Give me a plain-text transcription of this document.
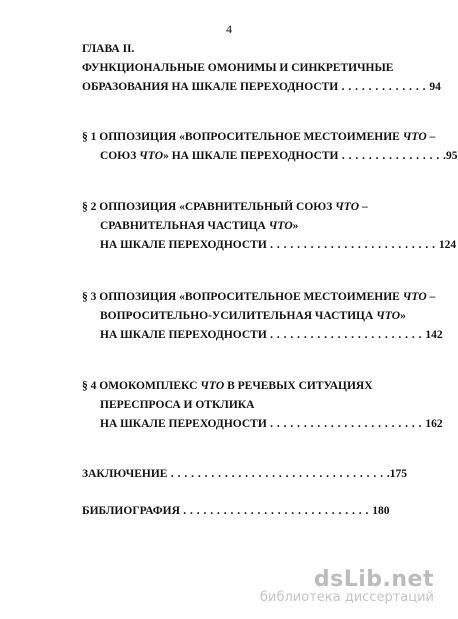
4
ГЛАВА II.
ФУНКЦИОНАЛЬНЫЕ ОМОНИМЫ И СИНКРЕТИЧНЫЕ
ОБРАЗОВАНИЯ НА ШКАЛЕ ПЕРЕХОДНОСТИ . . . . . . . . . . . . . 94
§ 1 ОППОЗИЦИЯ «ВОПРОСИТЕЛЬНОЕ МЕСТОИМЕНИЕ ЧТО –
СОЮЗ ЧТО» НА ШКАЛЕ ПЕРЕХОДНОСТИ . . . . . . . . . . . . . . . .95
§ 2 ОППОЗИЦИЯ «СРАВНИТЕЛЬНЫЙ СОЮЗ ЧТО –
СРАВНИТЕЛЬНАЯ ЧАСТИЦА ЧТО»
НА ШКАЛЕ ПЕРЕХОДНОСТИ . . . . . . . . . . . . . . . . . . . . . . . . . 124
§ 3 ОППОЗИЦИЯ «ВОПРОСИТЕЛЬНОЕ МЕСТОИМЕНИЕ ЧТО –
ВОПРОСИТЕЛЬНО-УСИЛИТЕЛЬНАЯ ЧАСТИЦА ЧТО»
НА ШКАЛЕ ПЕРЕХОДНОСТИ . . . . . . . . . . . . . . . . . . . . . . . 142
§ 4 ОМОКОМПЛЕКС ЧТО В РЕЧЕВЫХ СИТУАЦИЯХ
ПЕРЕСПРОСА И ОТКЛИКА
НА ШКАЛЕ ПЕРЕХОДНОСТИ . . . . . . . . . . . . . . . . . . . . . . . 162
ЗАКЛЮЧЕНИЕ . . . . . . . . . . . . . . . . . . . . . . . . . . . . . . . . .175
БИБЛИОГРАФИЯ . . . . . . . . . . . . . . . . . . . . . . . . . . . . 180
dsLib.net
библиотека диссертаций
